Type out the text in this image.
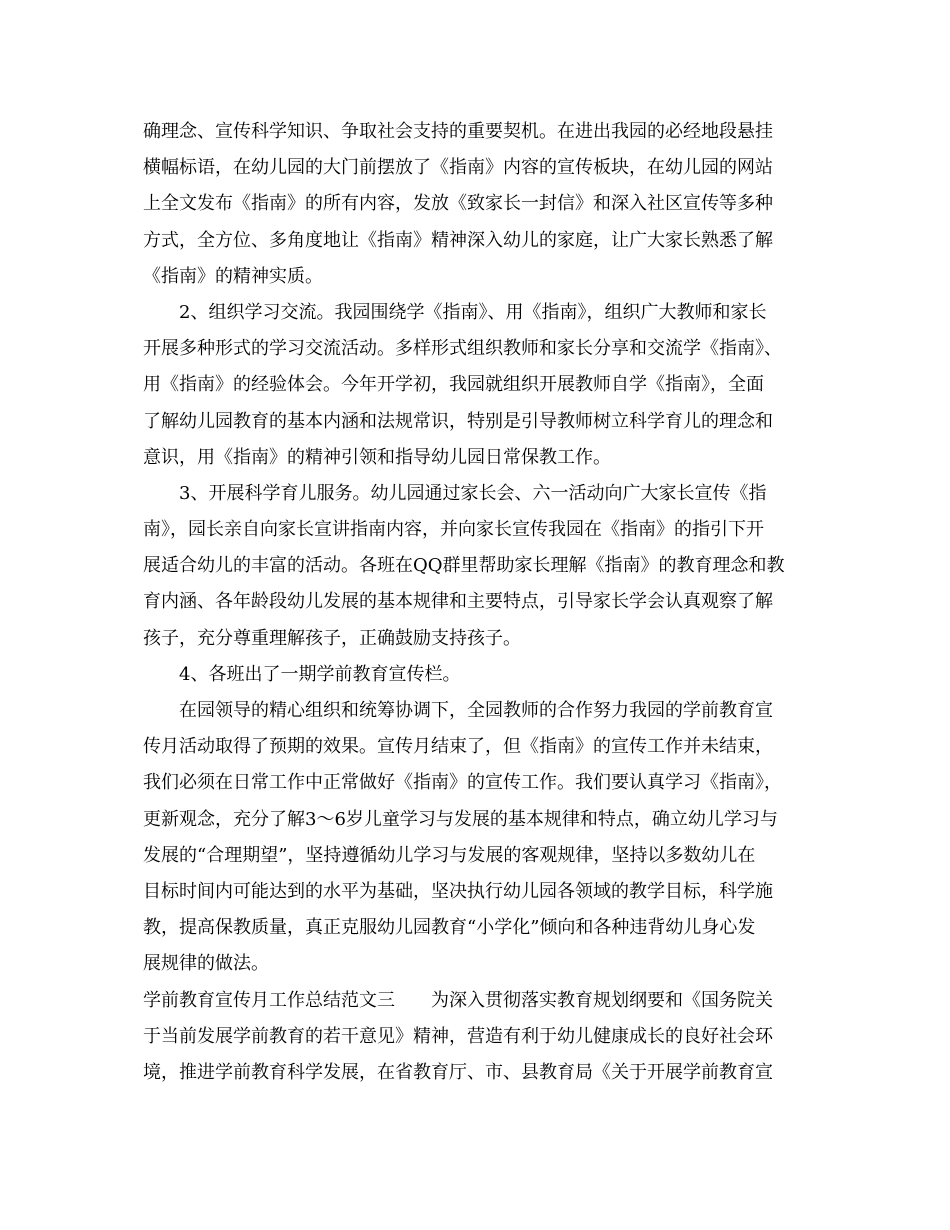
确理念、宣传科学知识、争取社会支持的重要契机。在进出我园的必经地段悬挂
横幅标语，在幼儿园的大门前摆放了《指南》内容的宣传板块，在幼儿园的网站
上全文发布《指南》的所有内容，发放《致家长一封信》和深入社区宣传等多种
方式，全方位、多角度地让《指南》精神深入幼儿的家庭，让广大家长熟悉了解
《指南》的精神实质。
2、组织学习交流。我园围绕学《指南》、用《指南》，组织广大教师和家长
开展多种形式的学习交流活动。多样形式组织教师和家长分享和交流学《指南》、
用《指南》的经验体会。今年开学初，我园就组织开展教师自学《指南》，全面
了解幼儿园教育的基本内涵和法规常识，特别是引导教师树立科学育儿的理念和
意识，用《指南》的精神引领和指导幼儿园日常保教工作。
3、开展科学育儿服务。幼儿园通过家长会、六一活动向广大家长宣传《指
南》，园长亲自向家长宣讲指南内容，并向家长宣传我园在《指南》的指引下开
展适合幼儿的丰富的活动。各班在QQ群里帮助家长理解《指南》的教育理念和教
育内涵、各年龄段幼儿发展的基本规律和主要特点，引导家长学会认真观察了解
孩子，充分尊重理解孩子，正确鼓励支持孩子。
4、各班出了一期学前教育宣传栏。
在园领导的精心组织和统筹协调下，全园教师的合作努力我园的学前教育宣
传月活动取得了预期的效果。宣传月结束了，但《指南》的宣传工作并未结束，
我们必须在日常工作中正常做好《指南》的宣传工作。我们要认真学习《指南》，
更新观念，充分了解3～6岁儿童学习与发展的基本规律和特点，确立幼儿学习与
发展的“合理期望”，坚持遵循幼儿学习与发展的客观规律，坚持以多数幼儿在
目标时间内可能达到的水平为基础，坚决执行幼儿园各领域的教学目标，科学施
教，提高保教质量，真正克服幼儿园教育“小学化”倾向和各种违背幼儿身心发
展规律的做法。
学前教育宣传月工作总结范文三　　为深入贯彻落实教育规划纲要和《国务院关
于当前发展学前教育的若干意见》精神，营造有利于幼儿健康成长的良好社会环
境，推进学前教育科学发展，在省教育厅、市、县教育局《关于开展学前教育宣
